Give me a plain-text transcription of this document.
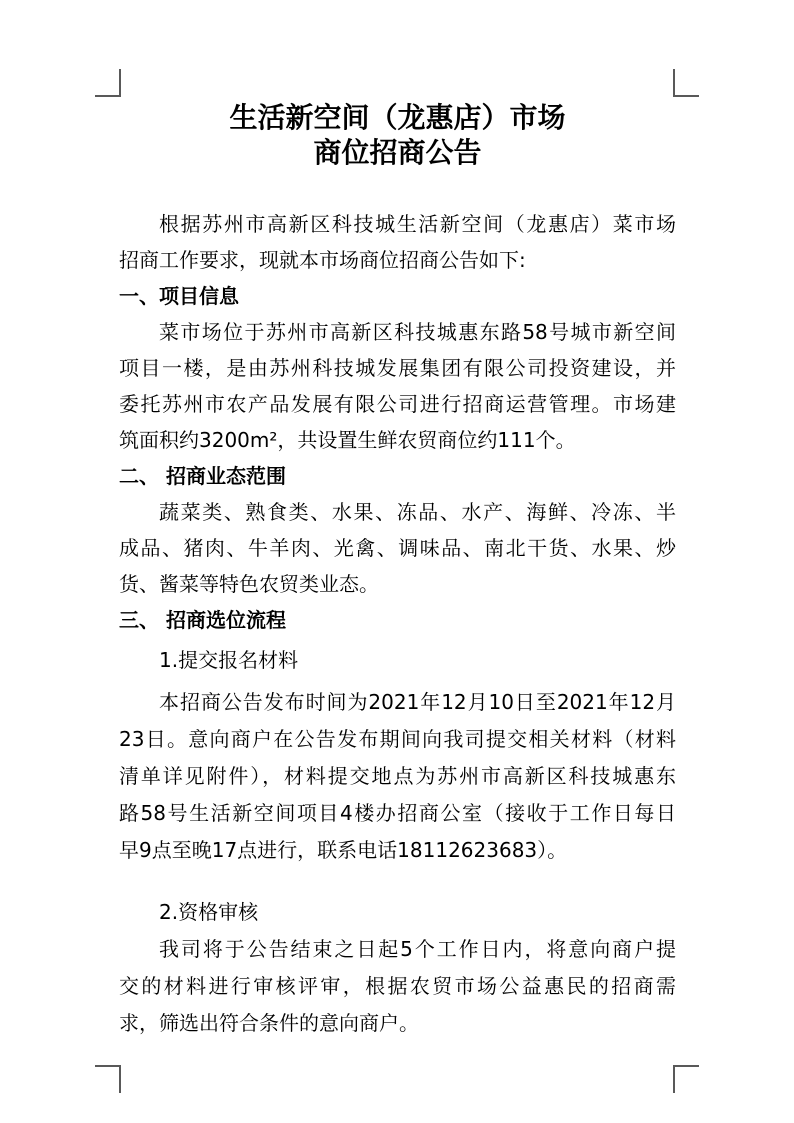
生活新空间（龙惠店）市场
商位招商公告
根据苏州市高新区科技城生活新空间（龙惠店）菜市场
招商工作要求，现就本市场商位招商公告如下:
一、项目信息
菜市场位于苏州市高新区科技城惠东路58号城市新空间
项目一楼，是由苏州科技城发展集团有限公司投资建设，并
委托苏州市农产品发展有限公司进行招商运营管理。市场建
筑面积约3200m²，共设置生鲜农贸商位约111个。
二、 招商业态范围
蔬菜类、熟食类、水果、冻品、水产、海鲜、冷冻、半
成品、猪肉、牛羊肉、光禽、调味品、南北干货、水果、炒
货、酱菜等特色农贸类业态。
三、 招商选位流程
1.提交报名材料
本招商公告发布时间为2021年12月10日至2021年12月
23日。意向商户在公告发布期间向我司提交相关材料（材料
清单详见附件），材料提交地点为苏州市高新区科技城惠东
路58号生活新空间项目4楼办招商公室（接收于工作日每日
早9点至晚17点进行，联系电话18112623683）。
2.资格审核
我司将于公告结束之日起5个工作日内，将意向商户提
交的材料进行审核评审，根据农贸市场公益惠民的招商需
求，筛选出符合条件的意向商户。
